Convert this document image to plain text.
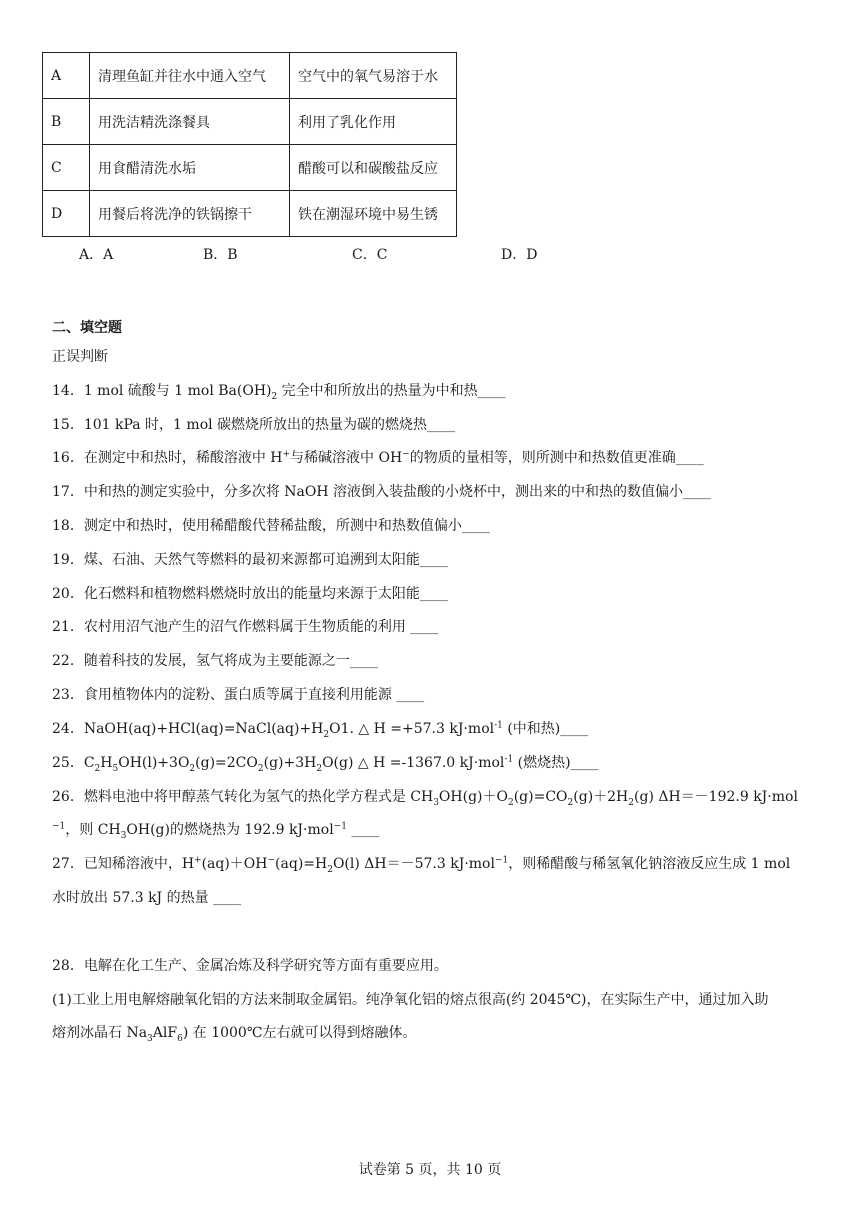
A	清理鱼缸并往水中通入空气	空气中的氧气易溶于水
B	用洗洁精洗涤餐具	利用了乳化作用
C	用食醋清洗水垢	醋酸可以和碳酸盐反应
D	用餐后将洗净的铁锅擦干	铁在潮湿环境中易生锈
A．A	B．B	C．C	D．D
二、填空题
正误判断
14．1 mol 硫酸与 1 mol $Ba(OH)_2$ 完全中和所放出的热量为中和热____
15．101 kPa 时，1 mol 碳燃烧所放出的热量为碳的燃烧热____
16．在测定中和热时，稀酸溶液中 H+与稀碱溶液中 OH−的物质的量相等，则所测中和热数值更准确____
17．中和热的测定实验中，分多次将 NaOH 溶液倒入装盐酸的小烧杯中，测出来的中和热的数值偏小____
18．测定中和热时，使用稀醋酸代替稀盐酸，所测中和热数值偏小____
19．煤、石油、天然气等燃料的最初来源都可追溯到太阳能____
20．化石燃料和植物燃料燃烧时放出的能量均来源于太阳能____
21．农村用沼气池产生的沼气作燃料属于生物质能的利用 ____
22．随着科技的发展，氢气将成为主要能源之一____
23．食用植物体内的淀粉、蛋白质等属于直接利用能源 ____
24．$NaOH(aq)+HCl(aq)=NaCl(aq)+H_2O1$. △ H =+57.3 kJ·mol$^{-1}$ (中和热)____
25．$C_2H_5OH(l)+3O_2(g)=2CO_2(g)+3H_2O(g)$ △ H =-1367.0 kJ·mol$^{-1}$ (燃烧热)____
26．燃料电池中将甲醇蒸气转化为氢气的热化学方程式是 $CH_3OH(g)+O_2(g)=CO_2(g)+2H_2(g)$ ΔH＝－192.9 kJ·mol
$^{-1}$，则 $CH_3OH(g)$的燃烧热为 192.9 kJ·mol$^{-1}$ ____
27．已知稀溶液中，$H^+(aq)+OH^-(aq)=H_2O(l)$ ΔH＝－57.3 kJ·mol$^{-1}$，则稀醋酸与稀氢氧化钠溶液反应生成 1 mol
水时放出 57.3 kJ 的热量 ____
28．电解在化工生产、金属冶炼及科学研究等方面有重要应用。
(1)工业上用电解熔融氧化铝的方法来制取金属铝。纯净氧化铝的熔点很高(约 2045℃)，在实际生产中，通过加入助
熔剂冰晶石 $Na_3AlF_6$) 在 1000℃左右就可以得到熔融体。
试卷第 5 页，共 10 页
